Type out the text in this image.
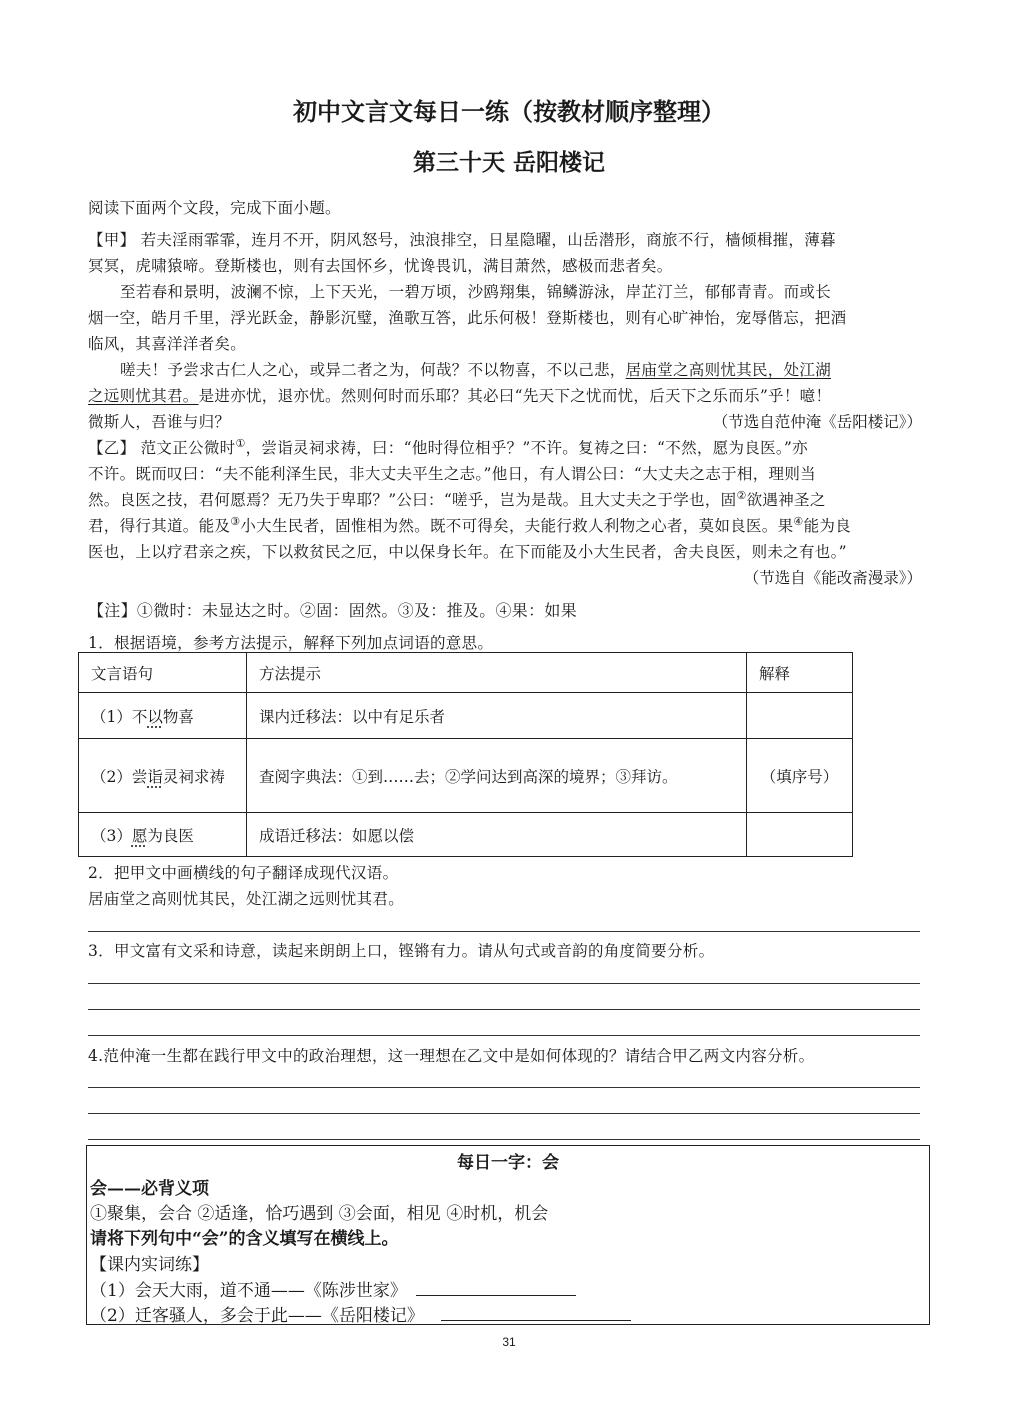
初中文言文每日一练（按教材顺序整理）
第三十天 岳阳楼记
阅读下面两个文段，完成下面小题。
【甲】 若夫淫雨霏霏，连月不开，阴风怒号，浊浪排空，日星隐曜，山岳潜形，商旅不行，樯倾楫摧，薄暮
冥冥，虎啸猿啼。登斯楼也，则有去国怀乡，忧谗畏讥，满目萧然，感极而悲者矣。
至若春和景明，波澜不惊，上下天光，一碧万顷，沙鸥翔集，锦鳞游泳，岸芷汀兰，郁郁青青。而或长
烟一空，皓月千里，浮光跃金，静影沉璧，渔歌互答，此乐何极！登斯楼也，则有心旷神怡，宠辱偕忘，把酒
临风，其喜洋洋者矣。
嗟夫！予尝求古仁人之心，或异二者之为，何哉？不以物喜，不以己悲，居庙堂之高则忧其民，处江湖
之远则忧其君。是进亦忧，退亦忧。然则何时而乐耶？其必曰“先天下之忧而忧，后天下之乐而乐”乎！噫！
微斯人，吾谁与归？	（节选自范仲淹《岳阳楼记》）
【乙】 范文正公微时①，尝诣灵祠求祷，曰：“他时得位相乎？”不许。复祷之曰：“不然，愿为良医。”亦
不许。既而叹曰：“夫不能利泽生民，非大丈夫平生之志。”他日，有人谓公曰：“大丈夫之志于相，理则当
然。良医之技，君何愿焉？无乃失于卑耶？”公曰：“嗟乎，岂为是哉。且大丈夫之于学也，固②欲遇神圣之
君，得行其道。能及③小大生民者，固惟相为然。既不可得矣，夫能行救人利物之心者，莫如良医。果④能为良
医也，上以疗君亲之疾，下以救贫民之厄，中以保身长年。在下而能及小大生民者，舍夫良医，则未之有也。”
（节选自《能改斋漫录》）
【注】①微时：未显达之时。②固：固然。③及：推及。④果：如果
1．根据语境，参考方法提示，解释下列加点词语的意思。
文言语句	方法提示	解释
（1）不以物喜	课内迁移法：以中有足乐者	
（2）尝诣灵祠求祷	查阅字典法：①到……去；②学问达到高深的境界；③拜访。	（填序号）
（3）愿为良医	成语迁移法：如愿以偿	
2．把甲文中画横线的句子翻译成现代汉语。
居庙堂之高则忧其民，处江湖之远则忧其君。
3．甲文富有文采和诗意，读起来朗朗上口，铿锵有力。请从句式或音韵的角度简要分析。
4.范仲淹一生都在践行甲文中的政治理想，这一理想在乙文中是如何体现的？请结合甲乙两文内容分析。
每日一字：会
会——必背义项
①聚集，会合 ②适逢，恰巧遇到 ③会面，相见 ④时机，机会
请将下列句中“会”的含义填写在横线上。
【课内实词练】
（1）会天大雨，道不通——《陈涉世家》
（2）迁客骚人，多会于此——《岳阳楼记》
31
